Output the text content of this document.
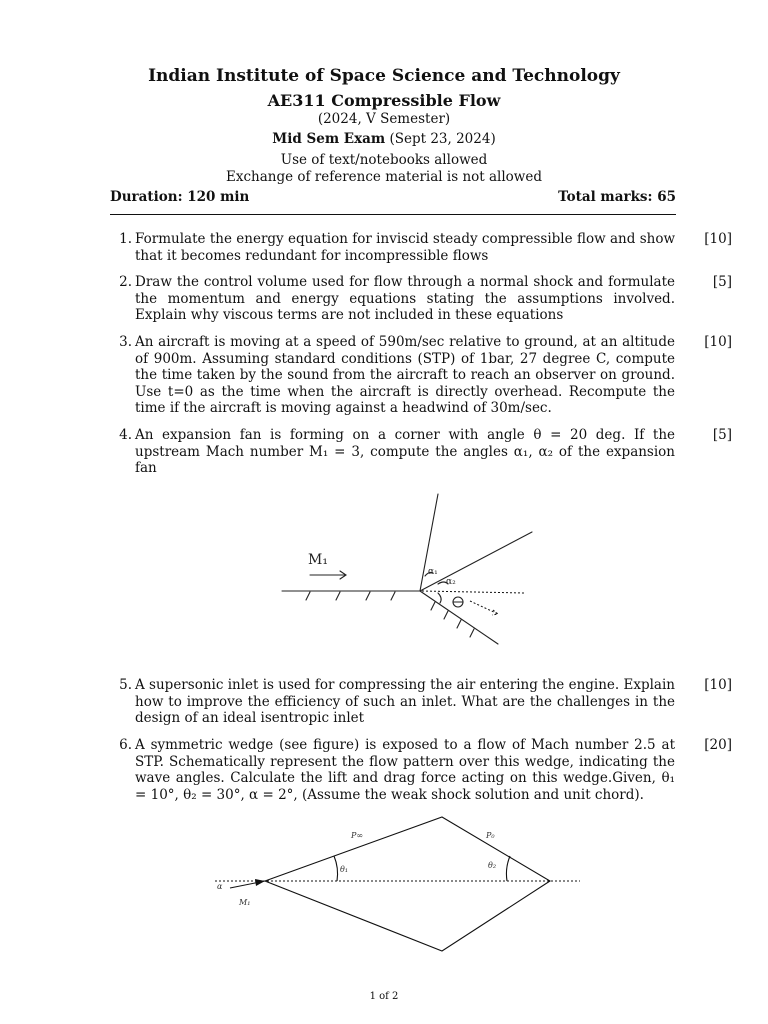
Indian Institute of Space Science and Technology
AE311 Compressible Flow
(2024, V Semester)
Mid Sem Exam (Sept 23, 2024)
Use of text/notebooks allowed
Exchange of reference material is not allowed
Duration: 120 min	Total marks: 65
1. Formulate the energy equation for inviscid steady compressible flow and show that it becomes redundant for incompressible flows
[10]
2. Draw the control volume used for flow through a normal shock and formulate the momentum and energy equations stating the assumptions involved. Explain why viscous terms are not included in these equations
[5]
3. An aircraft is moving at a speed of 590m/sec relative to ground, at an altitude of 900m. Assuming standard conditions (STP) of 1bar, 27 degree C, compute the time taken by the sound from the aircraft to reach an observer on ground. Use t=0 as the time when the aircraft is directly overhead. Recompute the time if the aircraft is moving against a headwind of 30m/sec.
[10]
4. An expansion fan is forming on a corner with angle θ = 20 deg. If the upstream Mach number M₁ = 3, compute the angles α₁, α₂ of the expansion fan
[5]
M₁
α₁
α₂
5. A supersonic inlet is used for compressing the air entering the engine. Explain how to improve the efficiency of such an inlet. What are the challenges in the design of an ideal isentropic inlet
[10]
6. A symmetric wedge (see figure) is exposed to a flow of Mach number 2.5 at STP. Schematically represent the flow pattern over this wedge, indicating the wave angles. Calculate the lift and drag force acting on this wedge.Given, θ₁ = 10°, θ₂ = 30°, α = 2°, (Assume the weak shock solution and unit chord).
[20]
P∞	P₀
θ₁	θ₂
α
M₁
1 of 2
